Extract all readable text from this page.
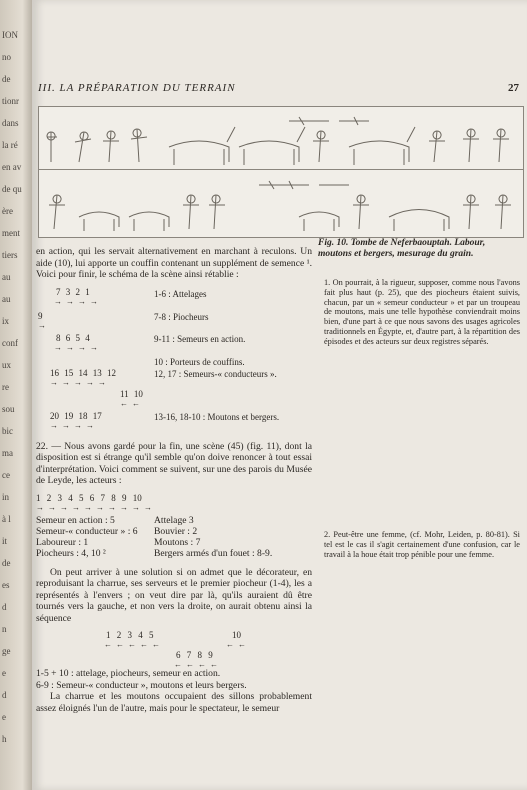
ION
no
de
tionr
dans
la ré
en av
de qu
ère
ment
tiers
au
au
ix
conf
ux
re
sou
bic
ma
ce
in
à l
it
de
es
d
n
ge
e
d
e
h
III. LA PRÉPARATION DU TERRAIN	27
Fig. 10. Tombe de Neferbaouptah. Labour, moutons et bergers, mesurage du grain.

en action, qui les servait alternativement en marchant à reculons. Un aide (10), lui apporte un couffin contenant un supplément de semence ¹. Voici pour finir, le schéma de la scène ainsi rétablie :

7 3 2 1
→ → → →
1-6 : Attelages
9
→
7-8 : Piocheurs
8 6 5 4
→ → → →
9-11 : Semeurs en action.
10 : Porteurs de couffins.
16 15 14 13 12
→ → → → →
12, 17 : Semeurs-« conducteurs ».
11 10
← ←
20 19 18 17
→ → → →
13-16, 18-10 : Moutons et bergers.

22. — Nous avons gardé pour la fin, une scène (45) (fig. 11), dont la disposition est si étrange qu'il semble qu'on doive renoncer à tout essai d'interprétation. Voici comment se suivent, sur une des parois du Musée de Leyde, les acteurs :

1 2 3 4 5 6 7 8 9 10
→ → → → → → → → → →
Semeur en action : 5
Semeur-« conducteur » : 6
Laboureur : 1
Piocheurs : 4, 10 ²
Attelage 3
Bouvier : 2
Moutons : 7
Bergers armés d'un fouet : 8-9.

On peut arriver à une solution si on admet que le décorateur, en reproduisant la charrue, ses serveurs et le premier piocheur (1-4), les a représentés à l'envers ; on veut dire par là, qu'ils auraient dû être tournés vers la gauche, et non vers la droite, on aurait obtenu ainsi la séquence

1 2 3 4 5
← ← ← ← ←
10
← ←
6 7 8 9
← ← ← ←

1-5 + 10 : attelage, piocheurs, semeur en action.

6-9 : Semeur-« conducteur », moutons et leurs bergers.

La charrue et les moutons occupaient des sillons probablement assez éloignés l'un de l'autre, mais pour le spectateur, le semeur

1. On pourrait, à la rigueur, supposer, comme nous l'avons fait plus haut (p. 25), que des piocheurs étaient suivis, chacun, par un « semeur conducteur » et par un troupeau de moutons, mais une telle hypothèse conviendrait moins bien, d'une part à ce que nous savons des usages agricoles traditionnels en Égypte, et, d'autre part, à la répartition des épisodes et des acteurs sur deux registres séparés.
2. Peut-être une femme, (cf. Mohr, Leiden, p. 80-81). Si tel est le cas il s'agit certainement d'une confusion, car le travail à la houe était trop pénible pour une femme.
